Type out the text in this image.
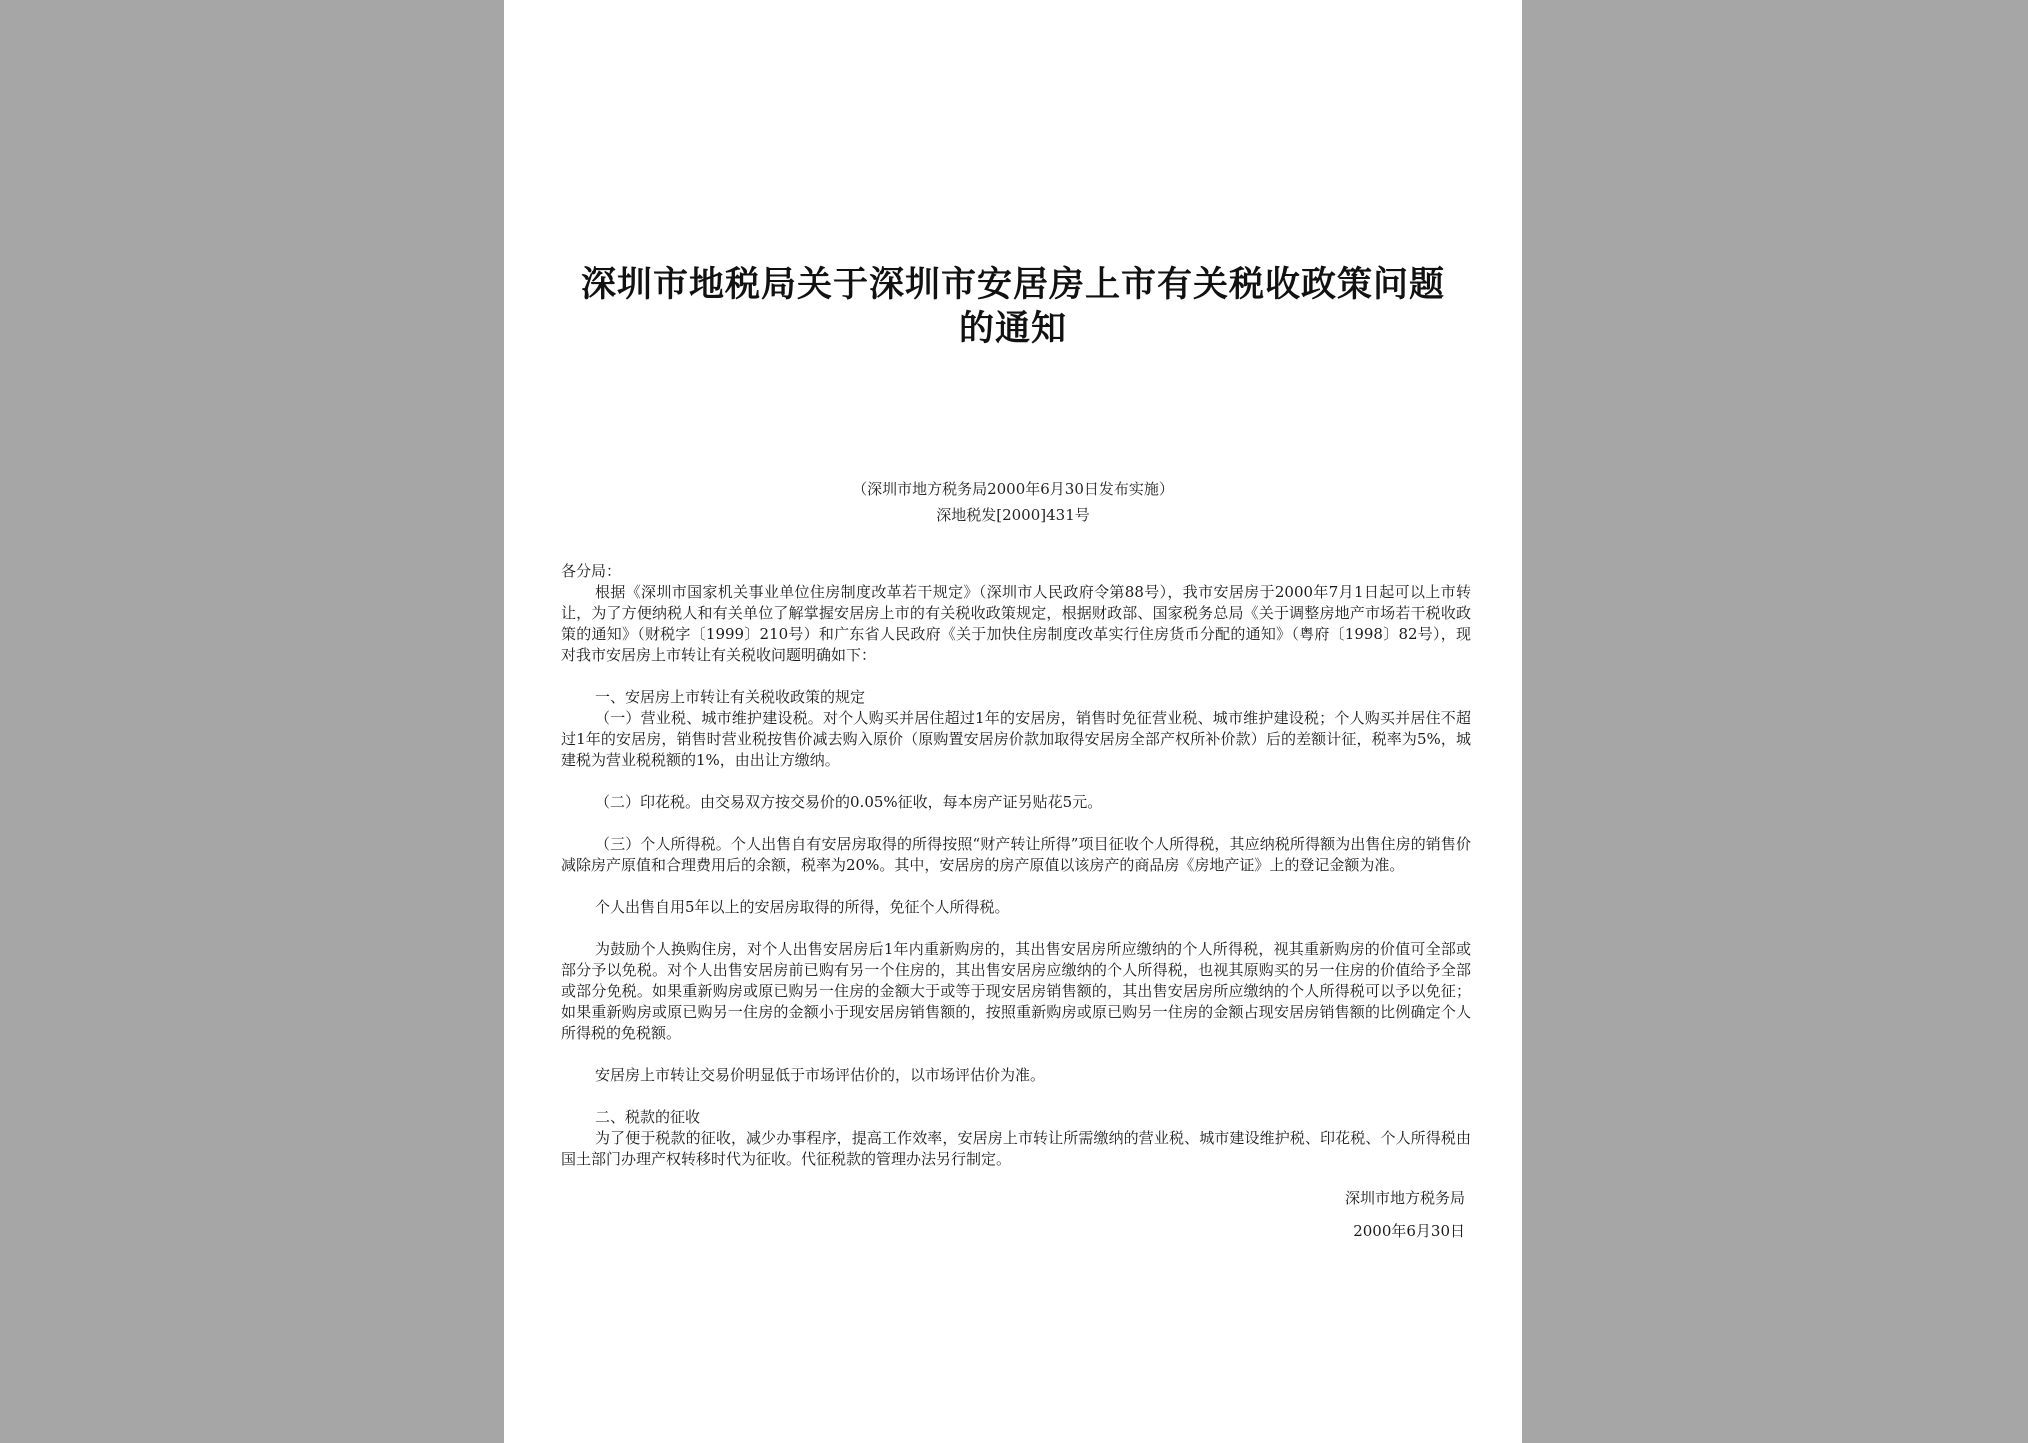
深圳市地税局关于深圳市安居房上市有关税收政策问题
的通知
（深圳市地方税务局2000年6月30日发布实施）
深地税发[2000]431号

各分局：

根据《深圳市国家机关事业单位住房制度改革若干规定》（深圳市人民政府令第88号），我市安居房于2000年7月1日起可以上市转让，为了方便纳税人和有关单位了解掌握安居房上市的有关税收政策规定，根据财政部、国家税务总局《关于调整房地产市场若干税收政策的通知》（财税字〔1999〕210号）和广东省人民政府《关于加快住房制度改革实行住房货币分配的通知》（粤府〔1998〕82号），现对我市安居房上市转让有关税收问题明确如下：

一、安居房上市转让有关税收政策的规定

（一）营业税、城市维护建设税。对个人购买并居住超过1年的安居房，销售时免征营业税、城市维护建设税；个人购买并居住不超过1年的安居房，销售时营业税按售价减去购入原价（原购置安居房价款加取得安居房全部产权所补价款）后的差额计征，税率为5%，城建税为营业税税额的1%，由出让方缴纳。

（二）印花税。由交易双方按交易价的0.05%征收，每本房产证另贴花5元。

（三）个人所得税。个人出售自有安居房取得的所得按照“财产转让所得”项目征收个人所得税，其应纳税所得额为出售住房的销售价减除房产原值和合理费用后的余额，税率为20%。其中，安居房的房产原值以该房产的商品房《房地产证》上的登记金额为准。

个人出售自用5年以上的安居房取得的所得，免征个人所得税。

为鼓励个人换购住房，对个人出售安居房后1年内重新购房的，其出售安居房所应缴纳的个人所得税，视其重新购房的价值可全部或部分予以免税。对个人出售安居房前已购有另一个住房的，其出售安居房应缴纳的个人所得税，也视其原购买的另一住房的价值给予全部或部分免税。如果重新购房或原已购另一住房的金额大于或等于现安居房销售额的，其出售安居房所应缴纳的个人所得税可以予以免征；如果重新购房或原已购另一住房的金额小于现安居房销售额的，按照重新购房或原已购另一住房的金额占现安居房销售额的比例确定个人所得税的免税额。

安居房上市转让交易价明显低于市场评估价的，以市场评估价为准。

二、税款的征收

为了便于税款的征收，减少办事程序，提高工作效率，安居房上市转让所需缴纳的营业税、城市建设维护税、印花税、个人所得税由国土部门办理产权转移时代为征收。代征税款的管理办法另行制定。

深圳市地方税务局
2000年6月30日
